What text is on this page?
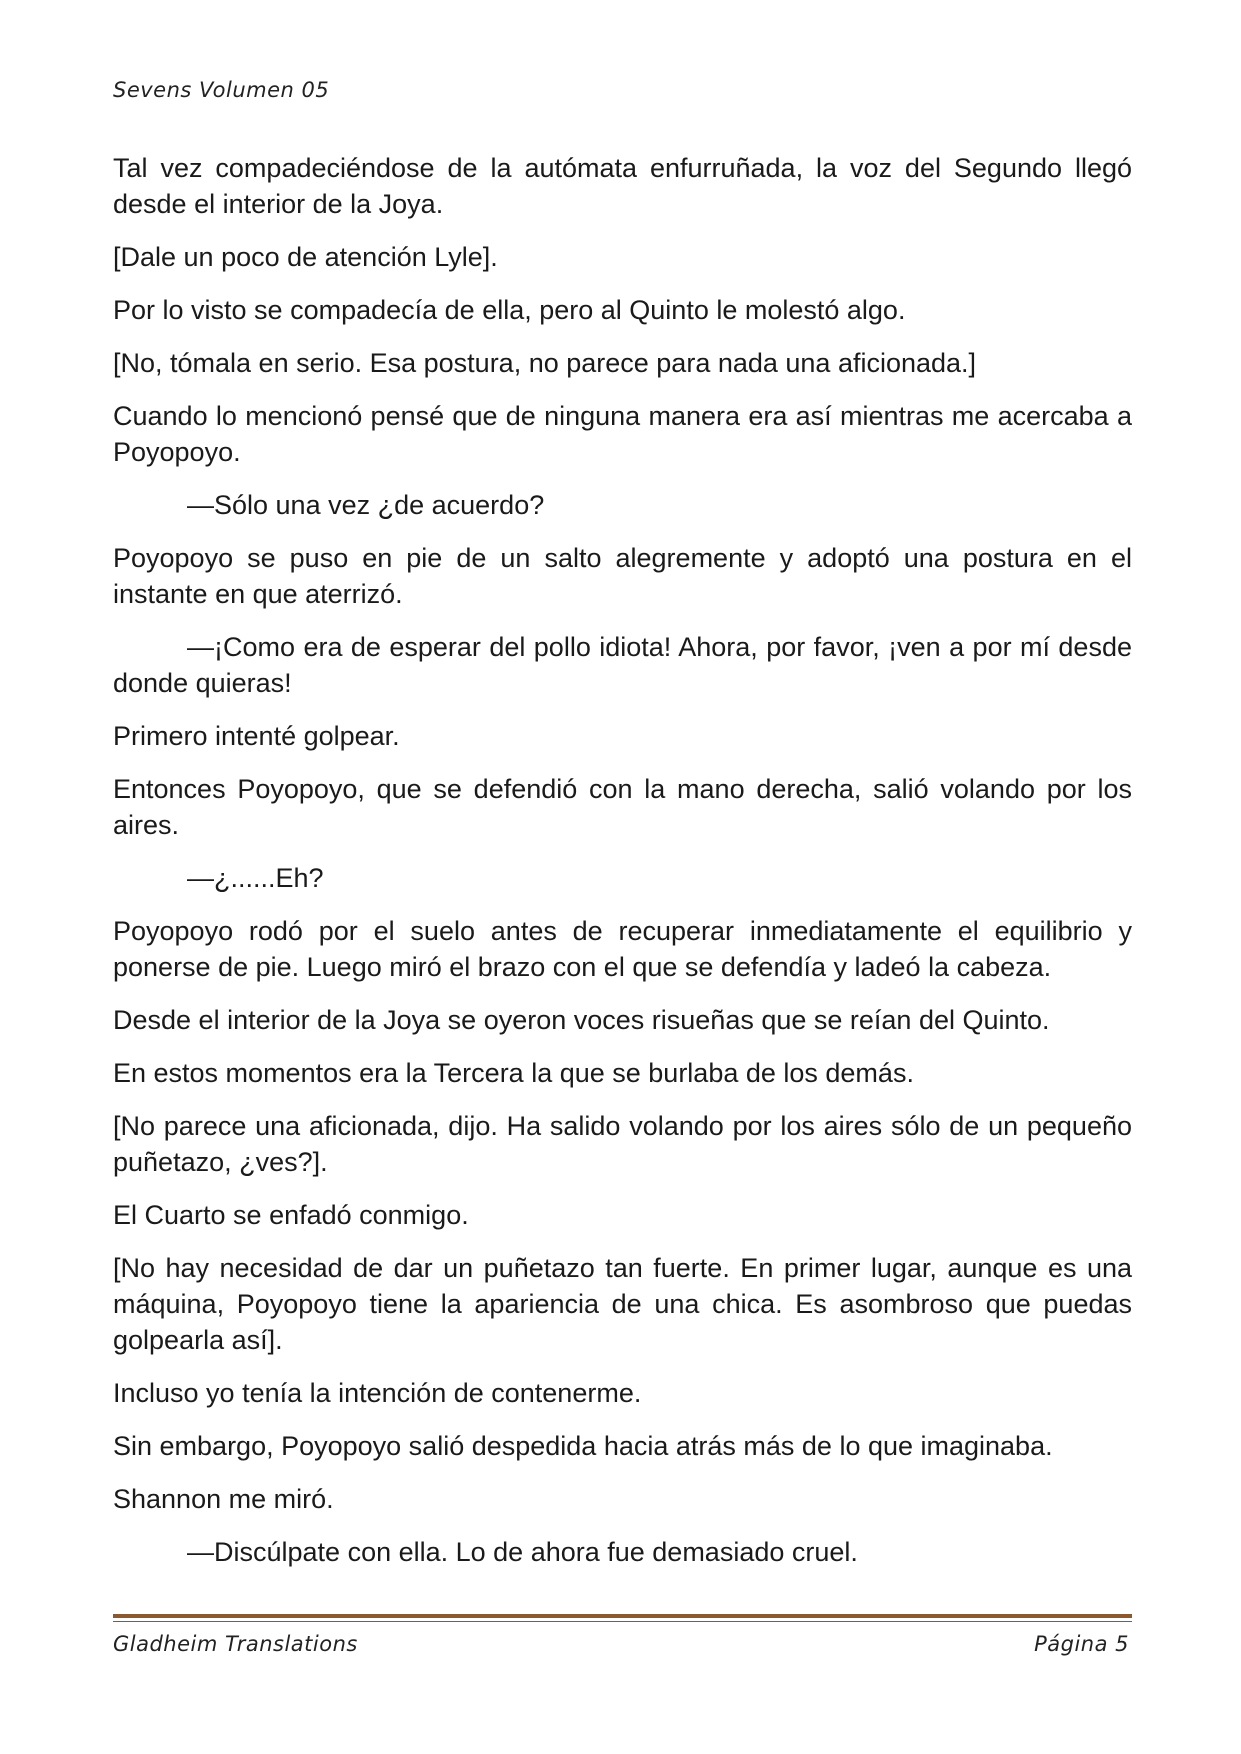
Sevens Volumen 05

Tal vez compadeciéndose de la autómata enfurruñada, la voz del Segundo llegó desde el interior de la Joya.

[Dale un poco de atención Lyle].

Por lo visto se compadecía de ella, pero al Quinto le molestó algo.

[No, tómala en serio. Esa postura, no parece para nada una aficionada.]

Cuando lo mencionó pensé que de ninguna manera era así mientras me acercaba a Poyopoyo.

—Sólo una vez ¿de acuerdo?

Poyopoyo se puso en pie de un salto alegremente y adoptó una postura en el instante en que aterrizó.

—¡Como era de esperar del pollo idiota! Ahora, por favor, ¡ven a por mí desde donde quieras!

Primero intenté golpear.

Entonces Poyopoyo, que se defendió con la mano derecha, salió volando por los aires.

—¿......Eh?

Poyopoyo rodó por el suelo antes de recuperar inmediatamente el equilibrio y ponerse de pie. Luego miró el brazo con el que se defendía y ladeó la cabeza.

Desde el interior de la Joya se oyeron voces risueñas que se reían del Quinto.

En estos momentos era la Tercera la que se burlaba de los demás.

[No parece una aficionada, dijo. Ha salido volando por los aires sólo de un pequeño puñetazo, ¿ves?].

El Cuarto se enfadó conmigo.

[No hay necesidad de dar un puñetazo tan fuerte. En primer lugar, aunque es una máquina, Poyopoyo tiene la apariencia de una chica. Es asombroso que puedas golpearla así].

Incluso yo tenía la intención de contenerme.

Sin embargo, Poyopoyo salió despedida hacia atrás más de lo que imaginaba.

Shannon me miró.

—Discúlpate con ella. Lo de ahora fue demasiado cruel.

Gladheim Translations	Página 5
